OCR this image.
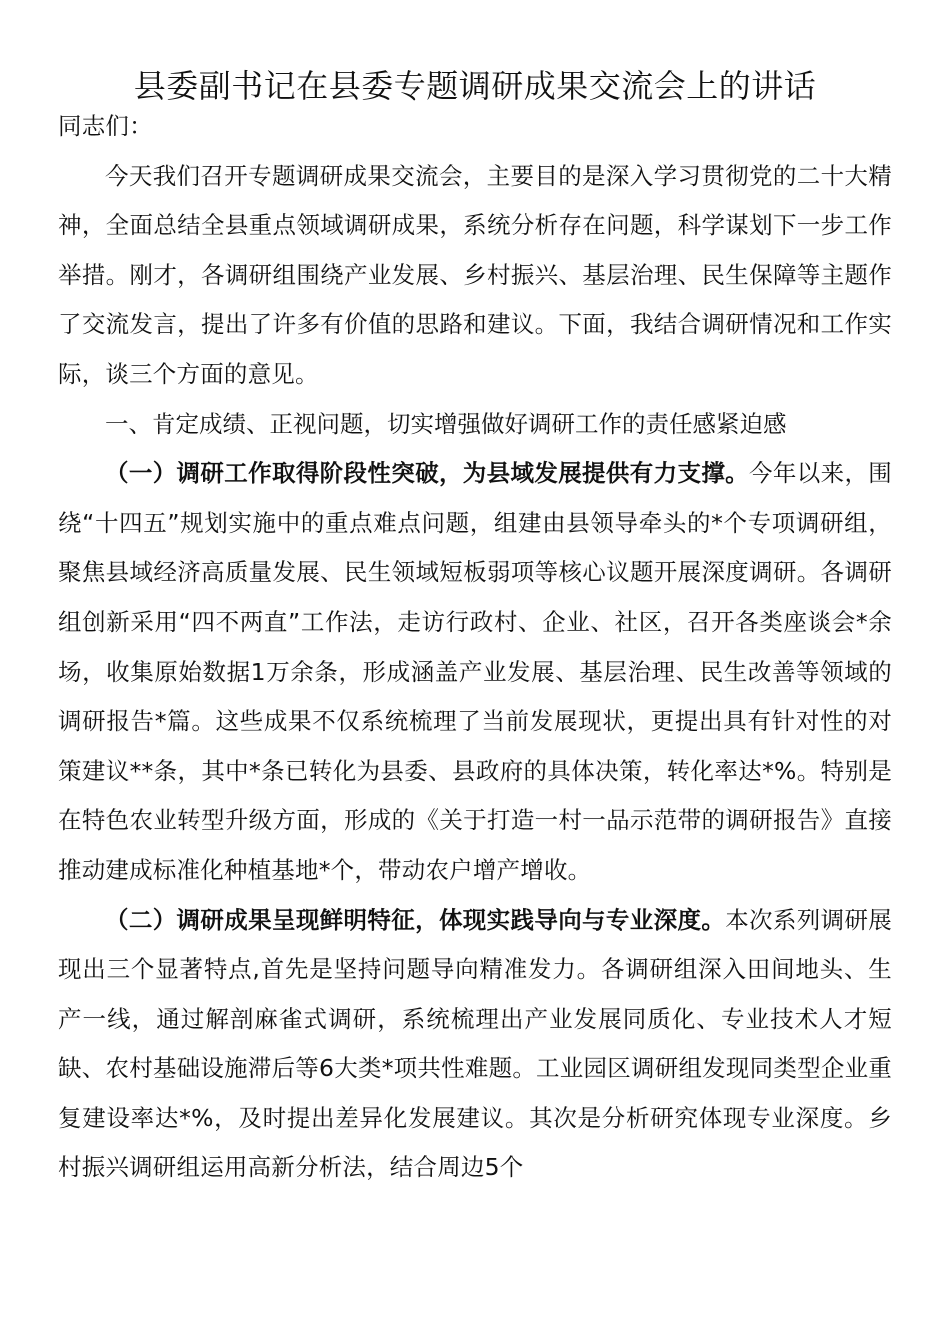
县委副书记在县委专题调研成果交流会上的讲话

同志们：

今天我们召开专题调研成果交流会，主要目的是深入学习贯彻党的二十大精神，全面总结全县重点领域调研成果，系统分析存在问题，科学谋划下一步工作举措。刚才，各调研组围绕产业发展、乡村振兴、基层治理、民生保障等主题作了交流发言，提出了许多有价值的思路和建议。下面，我结合调研情况和工作实际，谈三个方面的意见。

一、肯定成绩、正视问题，切实增强做好调研工作的责任感紧迫感

（一）调研工作取得阶段性突破，为县域发展提供有力支撑。今年以来，围绕“十四五”规划实施中的重点难点问题，组建由县领导牵头的*个专项调研组，聚焦县域经济高质量发展、民生领域短板弱项等核心议题开展深度调研。各调研组创新采用“四不两直”工作法，走访行政村、企业、社区，召开各类座谈会*余场，收集原始数据1万余条，形成涵盖产业发展、基层治理、民生改善等领域的调研报告*篇。这些成果不仅系统梳理了当前发展现状，更提出具有针对性的对策建议**条，其中*条已转化为县委、县政府的具体决策，转化率达*%。特别是在特色农业转型升级方面，形成的《关于打造一村一品示范带的调研报告》直接推动建成标准化种植基地*个，带动农户增产增收。

（二）调研成果呈现鲜明特征，体现实践导向与专业深度。本次系列调研展现出三个显著特点,首先是坚持问题导向精准发力。各调研组深入田间地头、生产一线，通过解剖麻雀式调研，系统梳理出产业发展同质化、专业技术人才短缺、农村基础设施滞后等6大类*项共性难题。工业园区调研组发现同类型企业重复建设率达*%，及时提出差异化发展建议。其次是分析研究体现专业深度。乡村振兴调研组运用高新分析法，结合周边5个
